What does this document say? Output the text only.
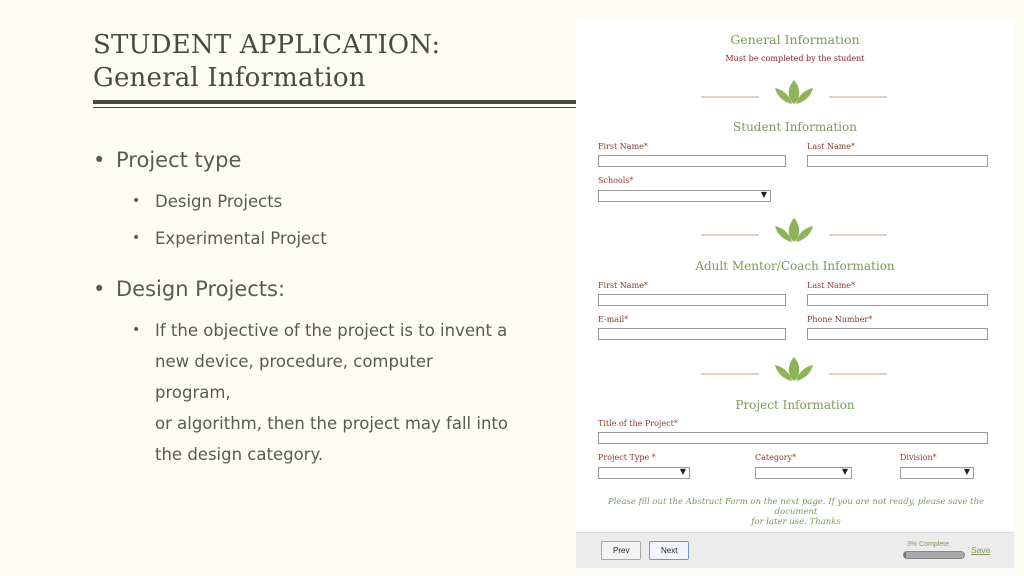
STUDENT APPLICATION:
General Information
• Project type
• Design Projects
• Experimental Project
• Design Projects:
• If the objective of the project is to invent a
new device, procedure, computer program,
or algorithm, then the project may fall into
the design category.
General Information
Must be completed by the student
Student Information
First Name*	Last Name*
Schools*
▼
Adult Mentor/Coach Information
First Name*	Last Name*
E-mail*	Phone Number*
Project Information
Title of the Project*
Project Type *	Category*	Division*
▼	▼	▼
Please fill out the Abstract Form on the next page. If you are not ready, please save the document
for later use. Thanks
Prev	Next
3% Complete
Save
